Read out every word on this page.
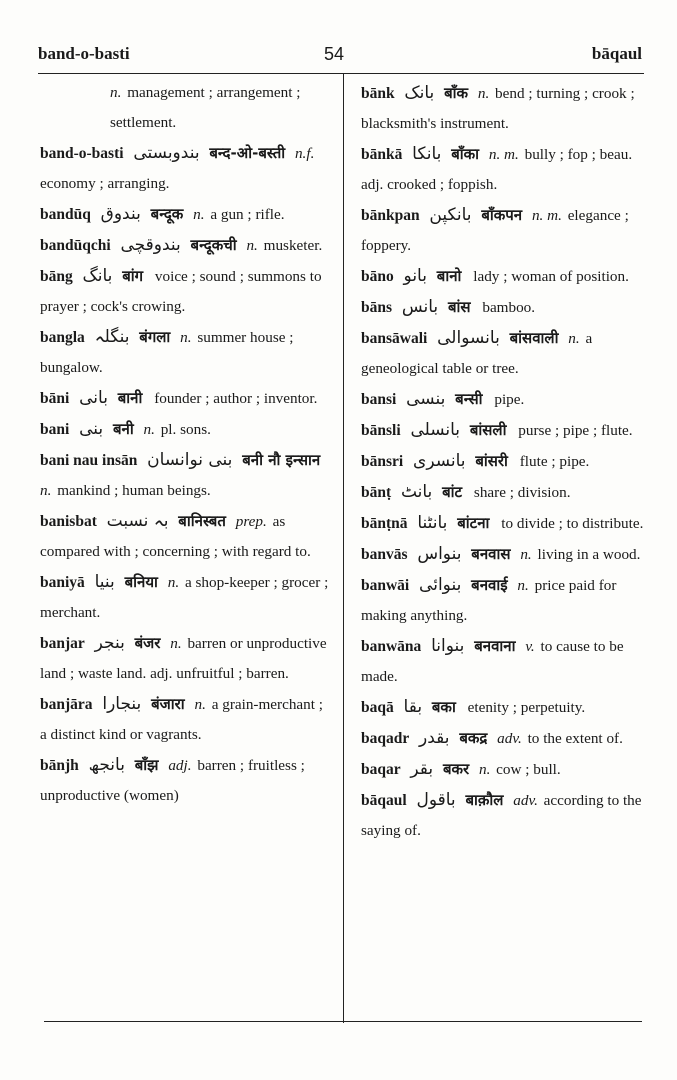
band-o-basti	54	bāqaul

n. management ; arrangement ; settlement.

band-o-basti بندوبستی बन्द-ओ-बस्ती n.f. economy ; arranging.

bandūq بندوق बन्दूक n. a gun ; rifle.

bandūqchi بندوقچی बन्दूकची n. musketer.

bāng بانگ बांग voice ; sound ; summons to prayer ; cock's crowing.

bangla بنگلہ बंगला n. summer house ; bungalow.

bāni بانی बानी founder ; author ; inventor.

bani بنی बनी n. pl. sons.

bani nau insān بنی نوانسان बनी नौ इन्सान n. mankind ; human beings.

banisbat بہ نسبت बानिस्बत prep. as compared with ; concerning ; with regard to.

baniyā بنیا बनिया n. a shop-keeper ; grocer ; merchant.

banjar بنجر बंजर n. barren or unproductive land ; waste land. adj. unfruitful ; barren.

banjāra بنجارا बंजारा n. a grain-merchant ; a distinct kind or vagrants.

bānjh بانجھ बाँझ adj. barren ; fruitless ; unproductive (women)

bānk بانک बाँक n. bend ; turning ; crook ; blacksmith's instrument.

bānkā بانکا बाँका n. m. bully ; fop ; beau. adj. crooked ; foppish.

bānkpan بانکپن बाँकपन n. m. elegance ; foppery.

bāno بانو बानो lady ; woman of position.

bāns بانس बांस bamboo.

bansāwali بانسوالی बांसवाली n. a geneological table or tree.

bansi بنسی बन्सी pipe.

bānsli بانسلی बांसली purse ; pipe ; flute.

bānsri بانسری बांसरी flute ; pipe.

bānṭ بانٹ बांट share ; division.

bānṭnā بانٹنا बांटना to divide ; to distribute.

banvās بنواس बनवास n. living in a wood.

banwāi بنوائی बनवाई n. price paid for making anything.

banwāna بنوانا बनवाना v. to cause to be made.

baqā بقا बका etenity ; perpetuity.

baqadr بقدر बकद्र adv. to the extent of.

baqar بقر बकर n. cow ; bull.

bāqaul باقول बाक़ौल adv. according to the saying of.
